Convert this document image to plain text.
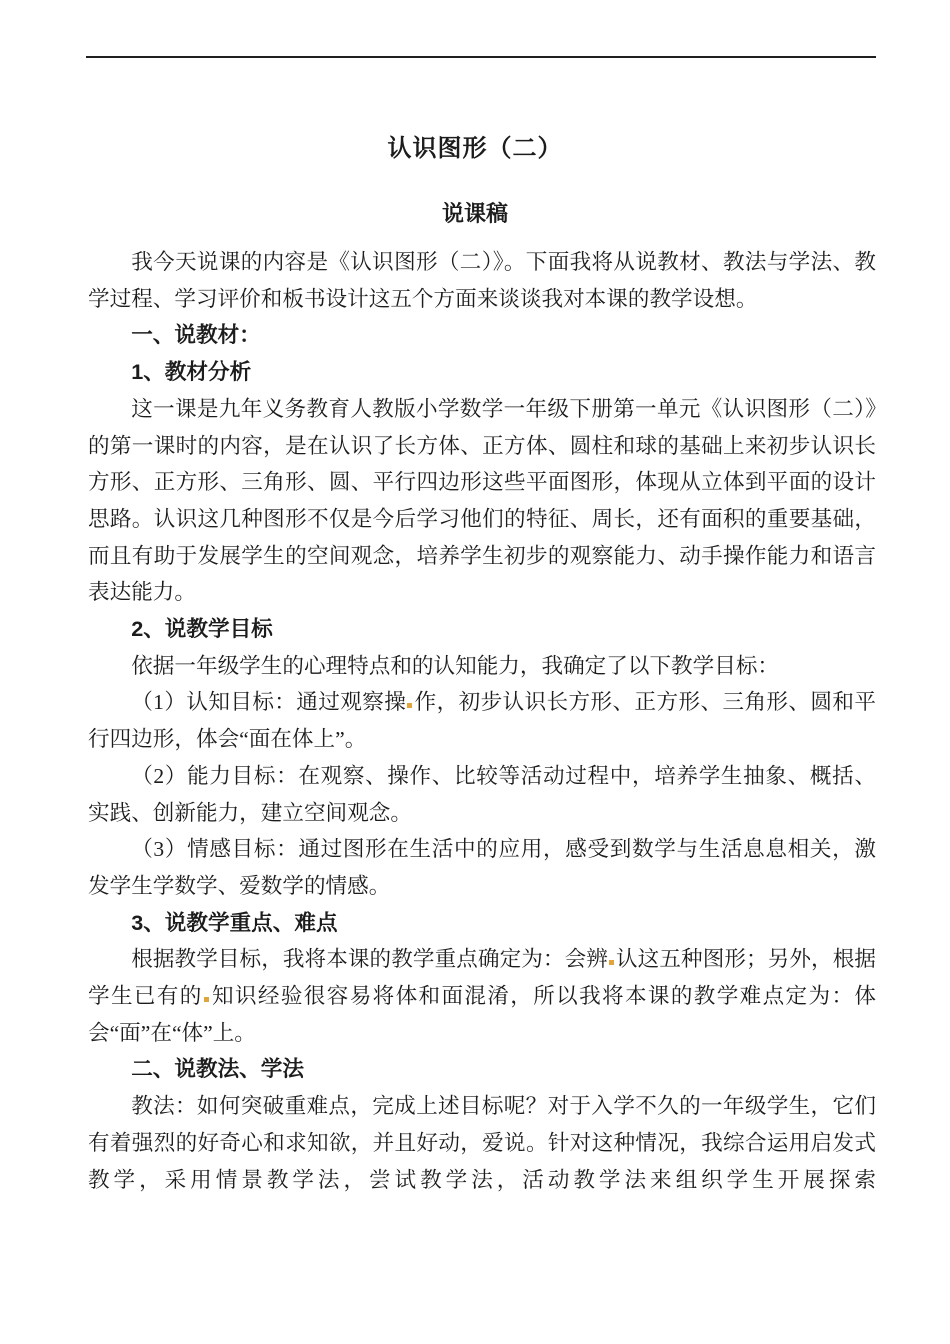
认识图形（二）
说课稿

我今天说课的内容是《认识图形（二）》。下面我将从说教材、教法与学法、教学过程、学习评价和板书设计这五个方面来谈谈我对本课的教学设想。

一、说教材：

1、教材分析

这一课是九年义务教育人教版小学数学一年级下册第一单元《认识图形（二）》的第一课时的内容，是在认识了长方体、正方体、圆柱和球的基础上来初步认识长方形、正方形、三角形、圆、平行四边形这些平面图形，体现从立体到平面的设计思路。认识这几种图形不仅是今后学习他们的特征、周长，还有面积的重要基础，而且有助于发展学生的空间观念，培养学生初步的观察能力、动手操作能力和语言表达能力。

2、说教学目标

依据一年级学生的心理特点和的认知能力，我确定了以下教学目标：

（1）认知目标：通过观察操 作，初步认识长方形、正方形、三角形、圆和平行四边形，体会“面在体上”。

（2）能力目标：在观察、操作、比较等活动过程中，培养学生抽象、概括、实践、创新能力，建立空间观念。

（3）情感目标：通过图形在生活中的应用，感受到数学与生活息息相关，激发学生学数学、爱数学的情感。

3、说教学重点、难点

根据教学目标，我将本课的教学重点确定为：会辨 认这五种图形；另外，根据学生已有的 知识经验很容易将体和面混淆，所以我将本课的教学难点定为：体会“面”在“体”上。

二、说教法、学法

教法：如何突破重难点，完成上述目标呢？对于入学不久的一年级学生，它们有着强烈的好奇心和求知欲，并且好动，爱说。针对这种情况，我综合运用启发式教学，采用情景教学法，尝试教学法，活动教学法来组织学生开展探索
